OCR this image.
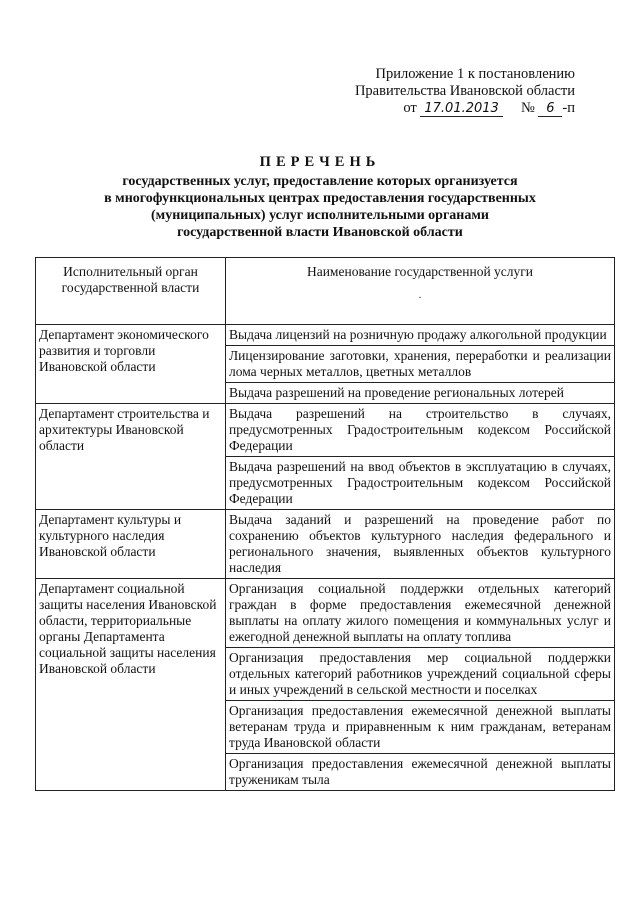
Приложение 1 к постановлению
Правительства Ивановской области
от 17.01.2013 № 6 -п
ПЕРЕЧЕНЬ
государственных услуг, предоставление которых организуется
в многофункциональных центрах предоставления государственных
(муниципальных) услуг исполнительными органами
государственной власти Ивановской области
Исполнительный орган государственной власти	Наименование государственной услуги
·

Департамент экономического развития и торговли Ивановской области	Выдача лицензий на розничную продажу алкогольной продукции
	Лицензирование заготовки, хранения, переработки и реализации лома черных металлов, цветных металлов
	Выдача разрешений на проведение региональных лотерей
Департамент строительства и архитектуры Ивановской области	Выдача разрешений на строительство в случаях, предусмотренных Градостроительным кодексом Российской Федерации
	Выдача разрешений на ввод объектов в эксплуатацию в случаях, предусмотренных Градостроительным кодексом Российской Федерации
Департамент культуры и культурного наследия Ивановской области	Выдача заданий и разрешений на проведение работ по сохранению объектов культурного наследия федерального и регионального значения, выявленных объектов культурного наследия
Департамент социальной защиты населения Ивановской области, территориальные органы Департамента социальной защиты населения Ивановской области	Организация социальной поддержки отдельных категорий граждан в форме предоставления ежемесячной денежной выплаты на оплату жилого помещения и коммунальных услуг и ежегодной денежной выплаты на оплату топлива
	Организация предоставления мер социальной поддержки отдельных категорий работников учреждений социальной сферы и иных учреждений в сельской местности и поселках
	Организация предоставления ежемесячной денежной выплаты ветеранам труда и приравненным к ним гражданам, ветеранам труда Ивановской области
	Организация предоставления ежемесячной денежной выплаты труженикам тыла
